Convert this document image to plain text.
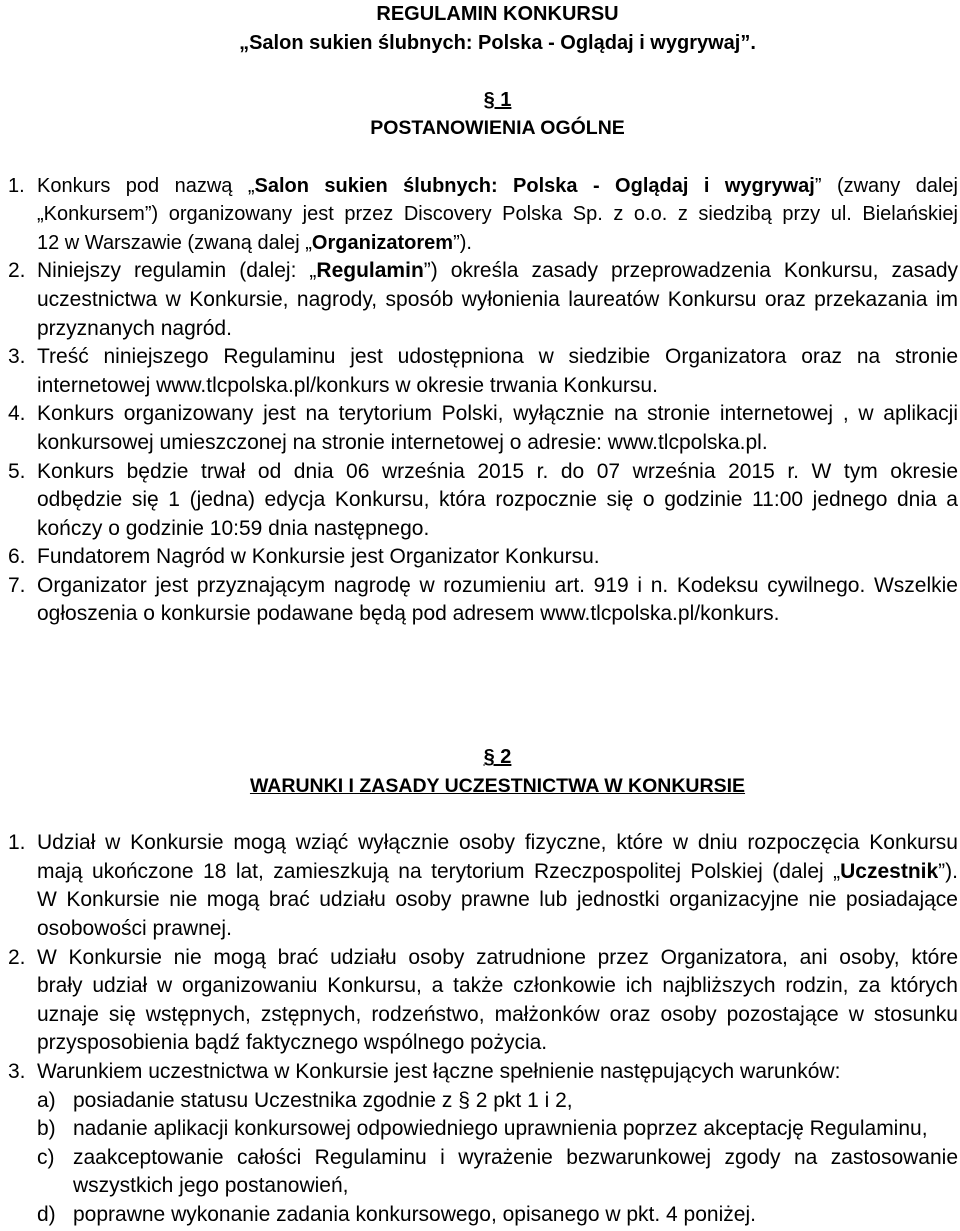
REGULAMIN KONKURSU
„Salon sukien ślubnych: Polska - Oglądaj i wygrywaj”.
§ 1
POSTANOWIENIA OGÓLNE
1. Konkurs pod nazwą „Salon sukien ślubnych: Polska - Oglądaj i wygrywaj” (zwany dalej
„Konkursem”) organizowany jest przez Discovery Polska Sp. z o.o. z siedzibą przy ul. Bielańskiej
12 w Warszawie (zwaną dalej „Organizatorem”).
2. Niniejszy regulamin (dalej: „Regulamin”) określa zasady przeprowadzenia Konkursu, zasady
uczestnictwa w Konkursie, nagrody, sposób wyłonienia laureatów Konkursu oraz przekazania im
przyznanych nagród.
3. Treść niniejszego Regulaminu jest udostępniona w siedzibie Organizatora oraz na stronie
internetowej www.tlcpolska.pl/konkurs w okresie trwania Konkursu.
4. Konkurs organizowany jest na terytorium Polski, wyłącznie na stronie internetowej , w aplikacji
konkursowej umieszczonej na stronie internetowej o adresie: www.tlcpolska.pl.
5. Konkurs będzie trwał od dnia 06 września 2015 r. do 07 września 2015 r. W tym okresie
odbędzie się 1 (jedna) edycja Konkursu, która rozpocznie się o godzinie 11:00 jednego dnia a
kończy o godzinie 10:59 dnia następnego.
6. Fundatorem Nagród w Konkursie jest Organizator Konkursu.
7. Organizator jest przyznającym nagrodę w rozumieniu art. 919 i n. Kodeksu cywilnego. Wszelkie
ogłoszenia o konkursie podawane będą pod adresem www.tlcpolska.pl/konkurs.
§ 2
WARUNKI I ZASADY UCZESTNICTWA W KONKURSIE
1. Udział w Konkursie mogą wziąć wyłącznie osoby fizyczne, które w dniu rozpoczęcia Konkursu
mają ukończone 18 lat, zamieszkują na terytorium Rzeczpospolitej Polskiej (dalej „Uczestnik”).
W Konkursie nie mogą brać udziału osoby prawne lub jednostki organizacyjne nie posiadające
osobowości prawnej.
2. W Konkursie nie mogą brać udziału osoby zatrudnione przez Organizatora, ani osoby, które
brały udział w organizowaniu Konkursu, a także członkowie ich najbliższych rodzin, za których
uznaje się wstępnych, zstępnych, rodzeństwo, małżonków oraz osoby pozostające w stosunku
przysposobienia bądź faktycznego wspólnego pożycia.
3. Warunkiem uczestnictwa w Konkursie jest łączne spełnienie następujących warunków:
a) posiadanie statusu Uczestnika zgodnie z § 2 pkt 1 i 2,
b) nadanie aplikacji konkursowej odpowiedniego uprawnienia poprzez akceptację Regulaminu,
c) zaakceptowanie całości Regulaminu i wyrażenie bezwarunkowej zgody na zastosowanie
wszystkich jego postanowień,
d) poprawne wykonanie zadania konkursowego, opisanego w pkt. 4 poniżej.
